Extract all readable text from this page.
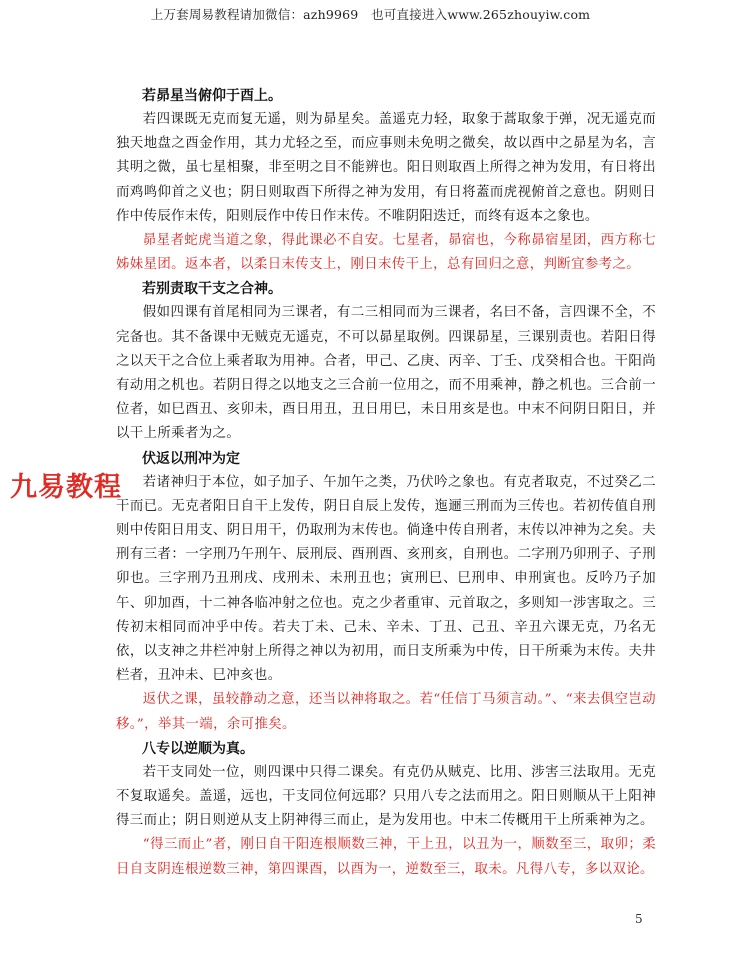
上万套周易教程请加微信：azh9969　也可直接进入www.265zhouyiw.com

若昴星当俯仰于酉上。

若四课既无克而复无遥，则为昴星矣。盖遥克力轻，取象于蒿取象于弹，况无遥克而独天地盘之酉金作用，其力尤轻之至，而应事则未免明之微矣，故以酉中之昴星为名，言其明之微，虽七星相聚，非至明之目不能辨也。阳日则取酉上所得之神为发用，有日将出而鸡鸣仰首之义也；阴日则取酉下所得之神为发用，有日将蓋而虎视俯首之意也。阴则日作中传辰作末传，阳则辰作中传日作末传。不唯阴阳迭迁，而终有返本之象也。

昴星者蛇虎当道之象，得此课必不自安。七星者，昴宿也，今称昴宿星团，西方称七姊妹星团。返本者，以柔日末传支上，刚日末传干上，总有回归之意，判断宜参考之。

若别责取干支之合神。

假如四课有首尾相同为三课者，有二三相同而为三课者，名曰不备，言四课不全，不完备也。其不备课中无贼克无遥克，不可以昴星取例。四课昴星，三课别责也。若阳日得之以天干之合位上乘者取为用神。合者，甲己、乙庚、丙辛、丁壬、戊癸相合也。干阳尚有动用之机也。若阴日得之以地支之三合前一位用之，而不用乘神，静之机也。三合前一位者，如巳酉丑、亥卯未，酉日用丑，丑日用巳，未日用亥是也。中末不问阴日阳日，并以干上所乘者为之。

伏返以刑冲为定

若诸神归于本位，如子加子、午加午之类，乃伏吟之象也。有克者取克，不过癸乙二干而已。无克者阳日自干上发传，阴日自辰上发传，迤逦三刑而为三传也。若初传值自刑则中传阳日用支、阴日用干，仍取刑为末传也。倘逢中传自刑者，末传以冲神为之矣。夫刑有三者：一字刑乃午刑午、辰刑辰、酉刑酉、亥刑亥，自刑也。二字刑乃卯刑子、子刑卯也。三字刑乃丑刑戌、戌刑未、未刑丑也；寅刑巳、巳刑申、申刑寅也。反吟乃子加午、卯加酉，十二神各临冲射之位也。克之少者重审、元首取之，多则知一涉害取之。三传初末相同而冲乎中传。若夫丁未、己未、辛未、丁丑、己丑、辛丑六课无克，乃名无依，以支神之井栏冲射上所得之神以为初用，而日支所乘为中传，日干所乘为末传。夫井栏者，丑冲未、巳冲亥也。

返伏之课，虽较静动之意，还当以神将取之。若“任信丁马须言动。”、“来去俱空岂动移。”，举其一端，余可推矣。

八专以逆顺为真。

若干支同处一位，则四课中只得二课矣。有克仍从贼克、比用、涉害三法取用。无克不复取遥矣。盖遥，远也，干支同位何远耶？只用八专之法而用之。阳日则顺从干上阳神得三而止；阴日则逆从支上阴神得三而止，是为发用也。中末二传概用干上所乘神为之。

“得三而止”者，刚日自干阳连根顺数三神，干上丑，以丑为一，顺数至三，取卯；柔日自支阴连根逆数三神，第四课酉，以酉为一，逆数至三，取未。凡得八专，多以双论。

九易教程
5
